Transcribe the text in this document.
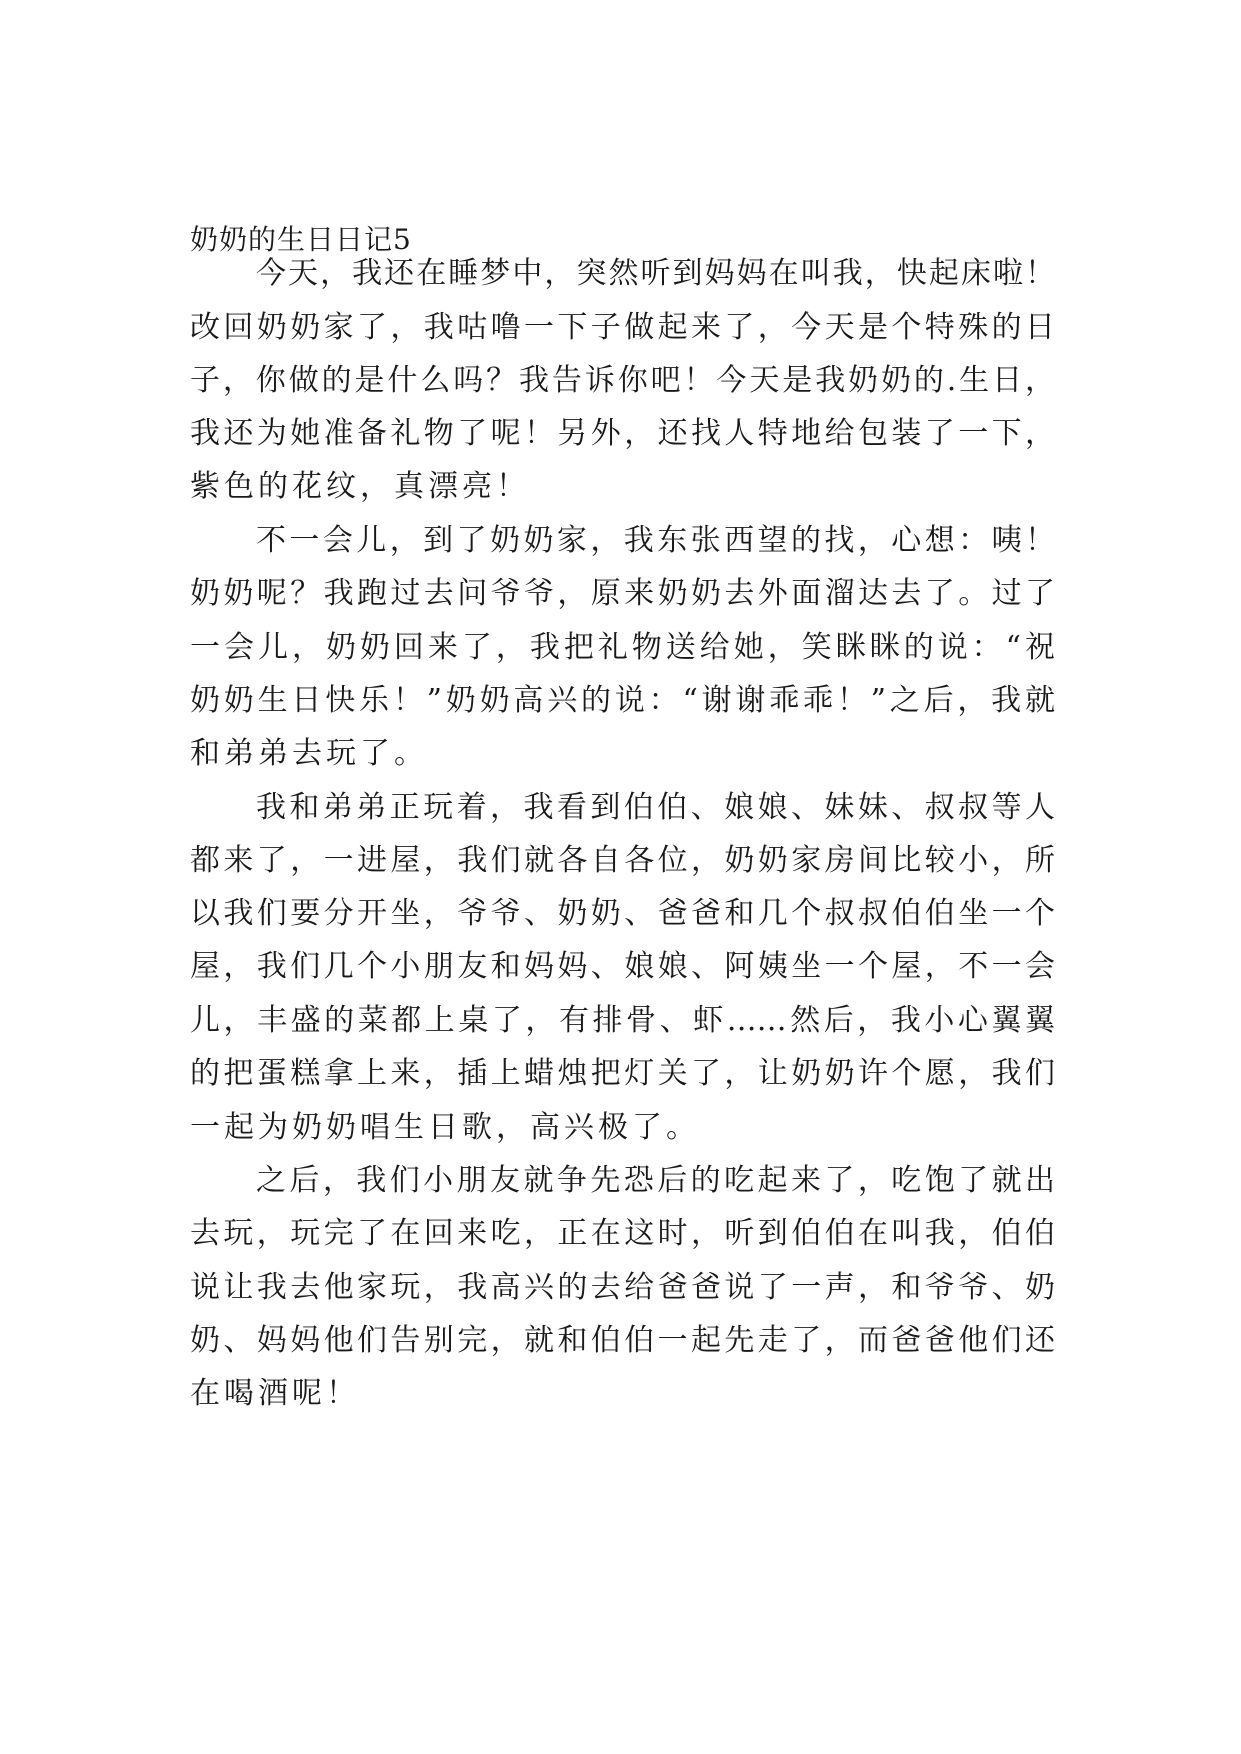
奶奶的生日日记5
今天，我还在睡梦中，突然听到妈妈在叫我，快起床啦！
改回奶奶家了，我咕噜一下子做起来了，今天是个特殊的日
子，你做的是什么吗？我告诉你吧！今天是我奶奶的.生日，
我还为她准备礼物了呢！另外，还找人特地给包装了一下，
紫色的花纹，真漂亮！
不一会儿，到了奶奶家，我东张西望的找，心想：咦！
奶奶呢？我跑过去问爷爷，原来奶奶去外面溜达去了。过了
一会儿，奶奶回来了，我把礼物送给她，笑眯眯的说：“祝
奶奶生日快乐！”奶奶高兴的说：“谢谢乖乖！”之后，我就
和弟弟去玩了。
我和弟弟正玩着，我看到伯伯、娘娘、妹妹、叔叔等人
都来了，一进屋，我们就各自各位，奶奶家房间比较小，所
以我们要分开坐，爷爷、奶奶、爸爸和几个叔叔伯伯坐一个
屋，我们几个小朋友和妈妈、娘娘、阿姨坐一个屋，不一会
儿，丰盛的菜都上桌了，有排骨、虾……然后，我小心翼翼
的把蛋糕拿上来，插上蜡烛把灯关了，让奶奶许个愿，我们
一起为奶奶唱生日歌，高兴极了。
之后，我们小朋友就争先恐后的吃起来了，吃饱了就出
去玩，玩完了在回来吃，正在这时，听到伯伯在叫我，伯伯
说让我去他家玩，我高兴的去给爸爸说了一声，和爷爷、奶
奶、妈妈他们告别完，就和伯伯一起先走了，而爸爸他们还
在喝酒呢！
